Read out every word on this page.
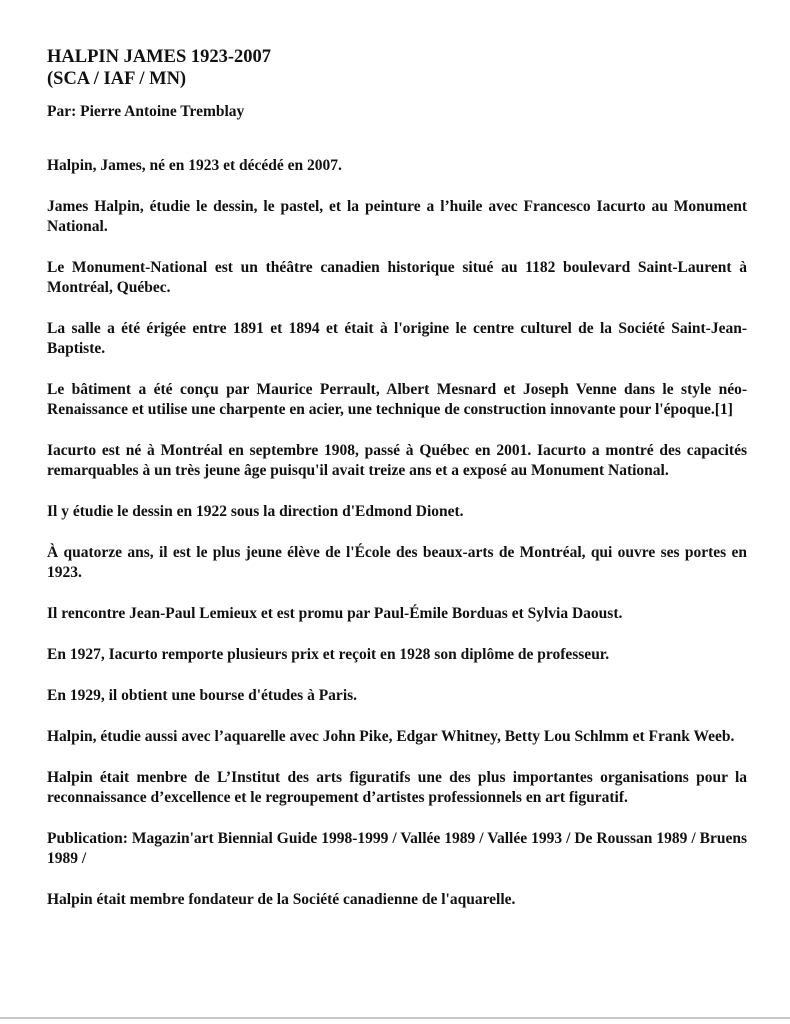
HALPIN JAMES 1923-2007
(SCA / IAF / MN)

Par: Pierre Antoine Tremblay

Halpin, James, né en 1923 et décédé en 2007.

James Halpin, étudie le dessin, le pastel, et la peinture a l’huile avec Francesco Iacurto au Monument National.

Le Monument-National est un théâtre canadien historique situé au 1182 boulevard Saint-Laurent à Montréal, Québec.

La salle a été érigée entre 1891 et 1894 et était à l'origine le centre culturel de la Société Saint-Jean-Baptiste.

Le bâtiment a été conçu par Maurice Perrault, Albert Mesnard et Joseph Venne dans le style néo-Renaissance et utilise une charpente en acier, une technique de construction innovante pour l'époque.[1]

Iacurto est né à Montréal en septembre 1908, passé à Québec en 2001. Iacurto a montré des capacités remarquables à un très jeune âge puisqu'il avait treize ans et a exposé au Monument National.

Il y étudie le dessin en 1922 sous la direction d'Edmond Dionet.

À quatorze ans, il est le plus jeune élève de l'École des beaux-arts de Montréal, qui ouvre ses portes en 1923.

Il rencontre Jean-Paul Lemieux et est promu par Paul-Émile Borduas et Sylvia Daoust.

En 1927, Iacurto remporte plusieurs prix et reçoit en 1928 son diplôme de professeur.

En 1929, il obtient une bourse d'études à Paris.

Halpin, étudie aussi avec l’aquarelle avec John Pike, Edgar Whitney, Betty Lou Schlmm et Frank Weeb.

Halpin était menbre de L’Institut des arts figuratifs une des plus importantes organisations pour la reconnaissance d’excellence et le regroupement d’artistes professionnels en art figuratif.

Publication: Magazin'art Biennial Guide 1998-1999 / Vallée 1989 / Vallée 1993 / De Roussan 1989 / Bruens 1989 /

Halpin était membre fondateur de la Société canadienne de l'aquarelle.
